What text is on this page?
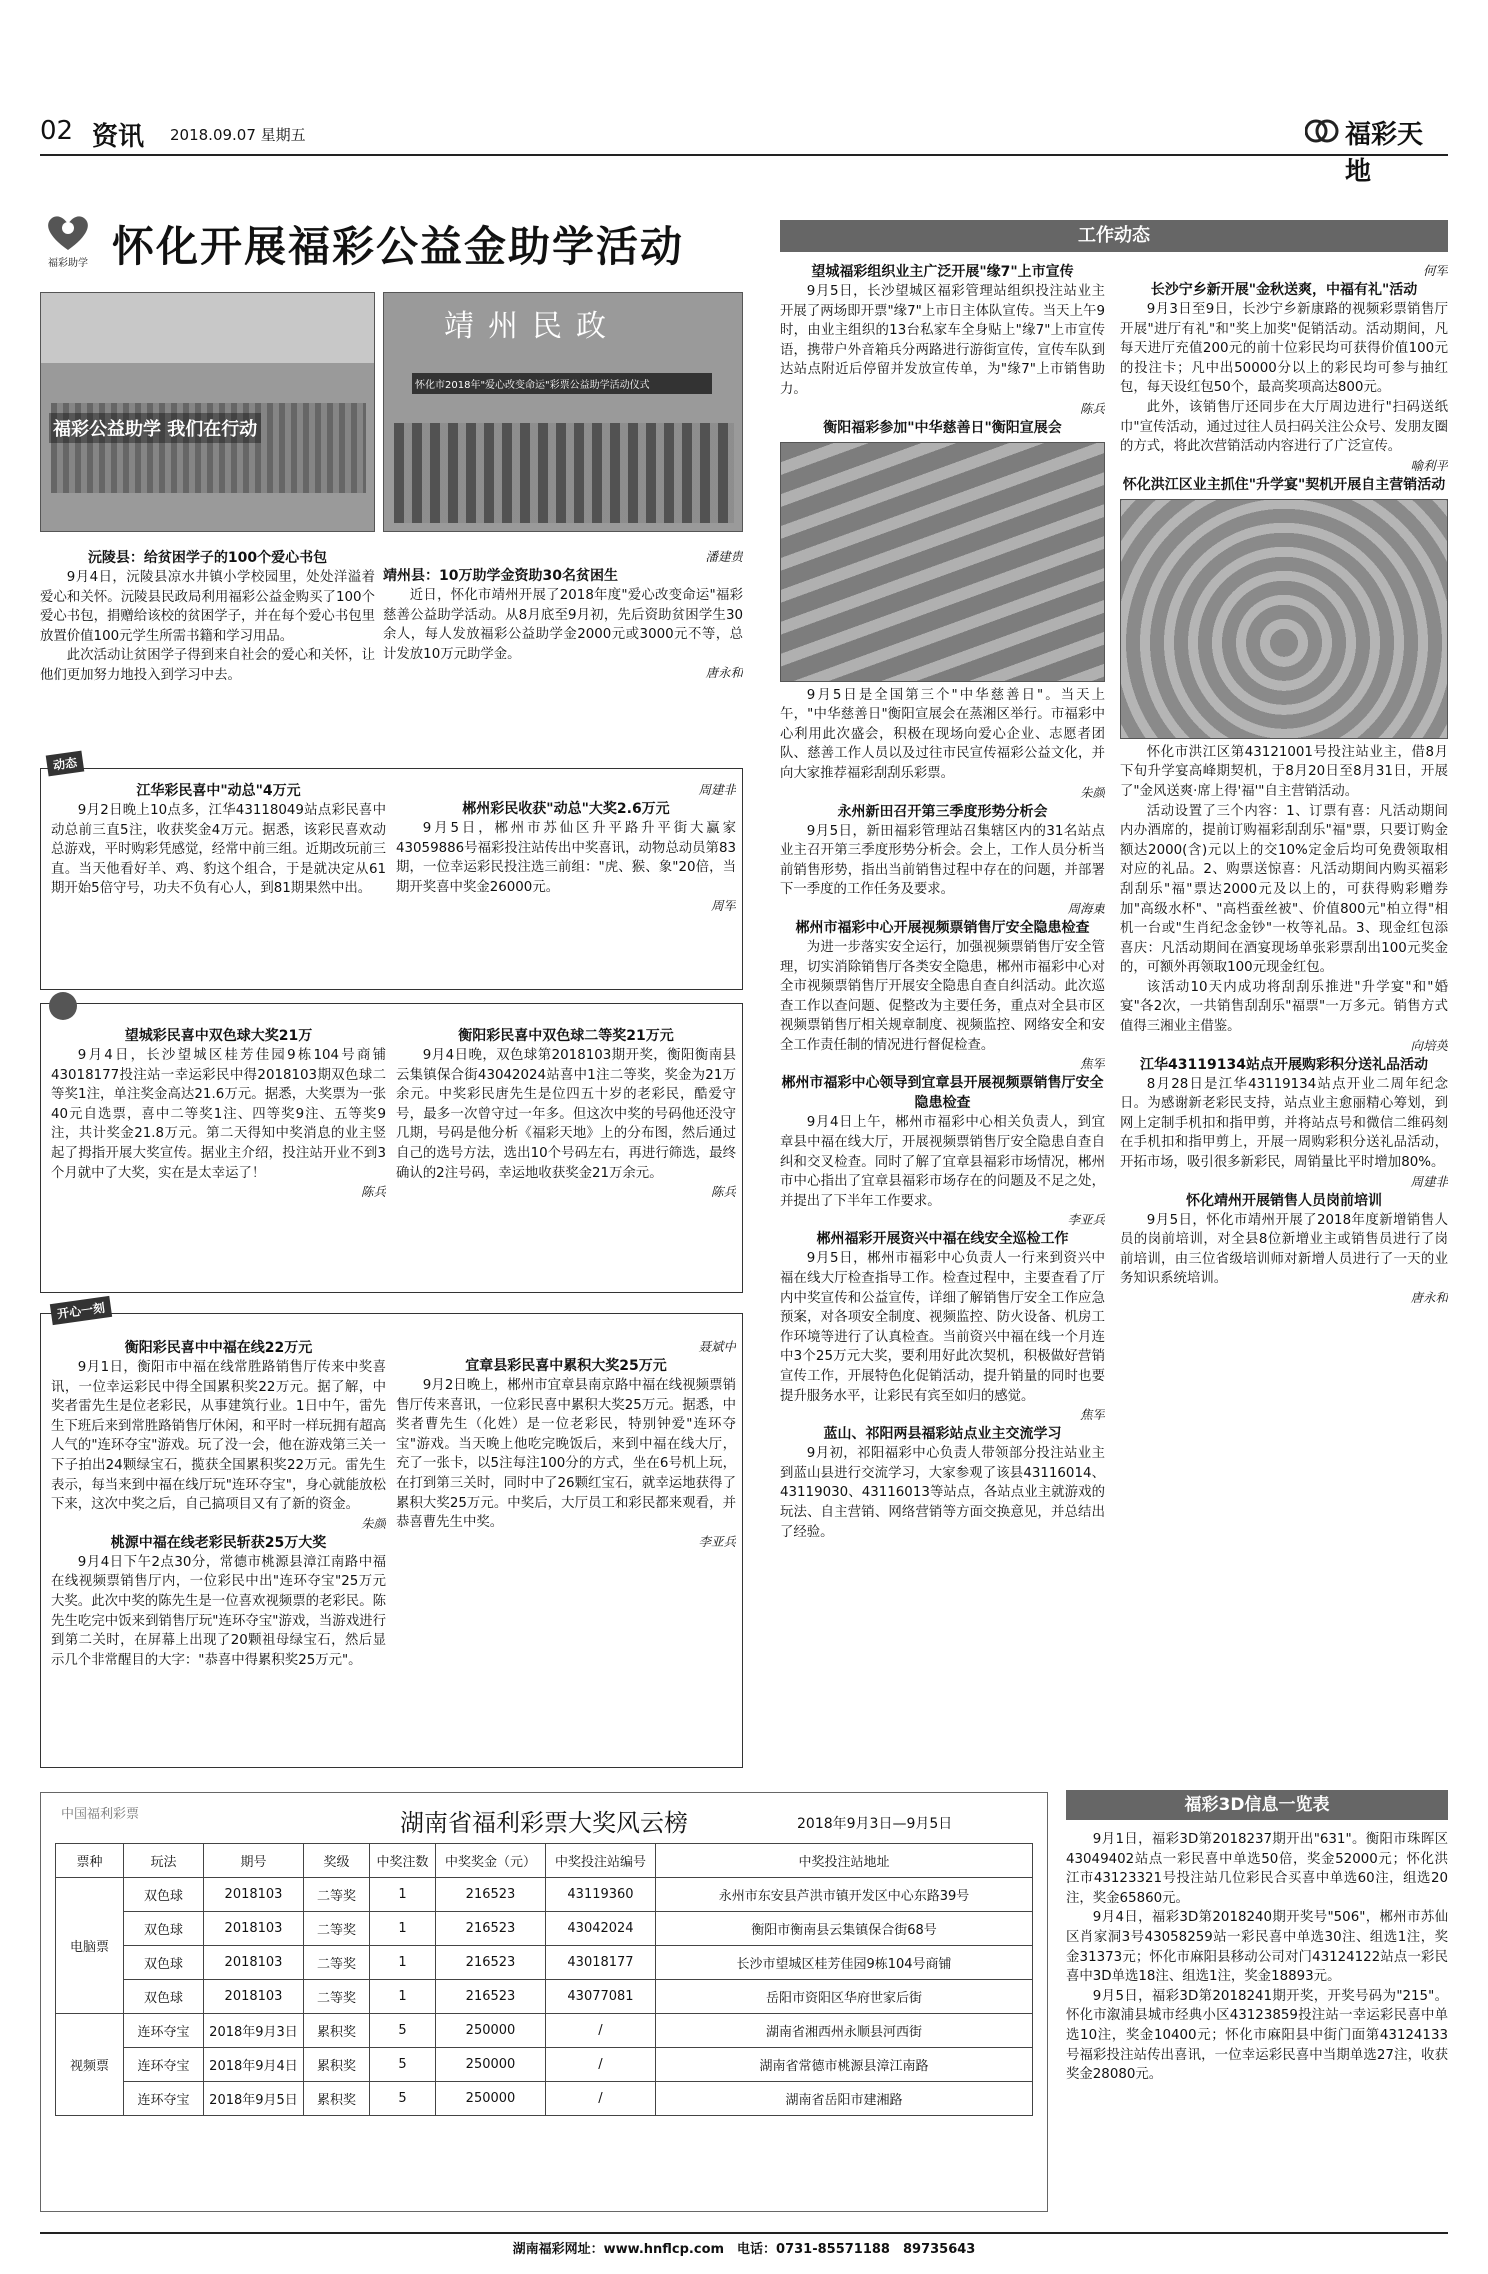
02 资讯 2018.09.07 星期五	福彩天地
福彩助学 怀化开展福彩公益金助学活动
福彩公益助学 我们在行动
靖州民政
怀化市2018年"爱心改变命运"彩票公益助学活动仪式
沅陵县：给贫困学子的100个爱心书包

9月4日，沅陵县凉水井镇小学校园里，处处洋溢着爱心和关怀。沅陵县民政局利用福彩公益金购买了100个爱心书包，捐赠给该校的贫困学子，并在每个爱心书包里放置价值100元学生所需书籍和学习用品。

此次活动让贫困学子得到来自社会的爱心和关怀，让他们更加努力地投入到学习中去。

潘建贵
靖州县：10万助学金资助30名贫困生

近日，怀化市靖州开展了2018年度"爱心改变命运"福彩慈善公益助学活动。从8月底至9月初，先后资助贫困学生30余人，每人发放福彩公益助学金2000元或3000元不等，总计发放10万元助学金。

唐永和
动态
江华彩民喜中"动总"4万元

9月2日晚上10点多，江华43118049站点彩民喜中动总前三直5注，收获奖金4万元。据悉，该彩民喜欢动总游戏，平时购彩凭感觉，经常中前三组。近期改玩前三直。当天他看好羊、鸡、豹这个组合，于是就决定从61期开始5倍守号，功夫不负有心人，到81期果然中出。

周建非
郴州彩民收获"动总"大奖2.6万元

9月5日，郴州市苏仙区升平路升平街大赢家43059886号福彩投注站传出中奖喜讯，动物总动员第83期，一位幸运彩民投注选三前组："虎、猴、象"20倍，当期开奖喜中奖金26000元。

周军
望城彩民喜中双色球大奖21万

9月4日，长沙望城区桂芳佳园9栋104号商铺43018177投注站一幸运彩民中得2018103期双色球二等奖1注，单注奖金高达21.6万元。据悉，大奖票为一张40元自选票，喜中二等奖1注、四等奖9注、五等奖9注，共计奖金21.8万元。第二天得知中奖消息的业主竖起了拇指开展大奖宣传。据业主介绍，投注站开业不到3个月就中了大奖，实在是太幸运了！

陈兵
衡阳彩民喜中双色球二等奖21万元

9月4日晚，双色球第2018103期开奖，衡阳衡南县云集镇保合街43042024站喜中1注二等奖，奖金为21万余元。中奖彩民唐先生是位四五十岁的老彩民，酷爱守号，最多一次曾守过一年多。但这次中奖的号码他还没守几期，号码是他分析《福彩天地》上的分布图，然后通过自己的选号方法，选出10个号码左右，再进行筛选，最终确认的2注号码，幸运地收获奖金21万余元。

陈兵
开心一刻
衡阳彩民喜中中福在线22万元

9月1日，衡阳市中福在线常胜路销售厅传来中奖喜讯，一位幸运彩民中得全国累积奖22万元。据了解，中奖者雷先生是位老彩民，从事建筑行业。1日中午，雷先生下班后来到常胜路销售厅休闲，和平时一样玩拥有超高人气的"连环夺宝"游戏。玩了没一会，他在游戏第三关一下子拍出24颗绿宝石，揽获全国累积奖22万元。雷先生表示，每当来到中福在线厅玩"连环夺宝"，身心就能放松下来，这次中奖之后，自己搞项目又有了新的资金。

朱颜
桃源中福在线老彩民斩获25万大奖

9月4日下午2点30分，常德市桃源县漳江南路中福在线视频票销售厅内，一位彩民中出"连环夺宝"25万元大奖。此次中奖的陈先生是一位喜欢视频票的老彩民。陈先生吃完中饭来到销售厅玩"连环夺宝"游戏，当游戏进行到第二关时，在屏幕上出现了20颗祖母绿宝石，然后显示几个非常醒目的大字："恭喜中得累积奖25万元"。

聂斌中
宜章县彩民喜中累积大奖25万元

9月2日晚上，郴州市宜章县南京路中福在线视频票销售厅传来喜讯，一位彩民喜中累积大奖25万元。据悉，中奖者曹先生（化姓）是一位老彩民，特别钟爱"连环夺宝"游戏。当天晚上他吃完晚饭后，来到中福在线大厅，充了一张卡，以5注每注100分的方式，坐在6号机上玩，在打到第三关时，同时中了26颗红宝石，就幸运地获得了累积大奖25万元。中奖后，大厅员工和彩民都来观看，并恭喜曹先生中奖。

李亚兵
工作动态
望城福彩组织业主广泛开展"缘7"上市宣传

9月5日，长沙望城区福彩管理站组织投注站业主开展了两场即开票"缘7"上市日主体队宣传。当天上午9时，由业主组织的13台私家车全身贴上"缘7"上市宣传语，携带户外音箱兵分两路进行游街宣传，宣传车队到达站点附近后停留并发放宣传单，为"缘7"上市销售助力。

陈兵
衡阳福彩参加"中华慈善日"衡阳宣展会

9月5日是全国第三个"中华慈善日"。当天上午，"中华慈善日"衡阳宣展会在蒸湘区举行。市福彩中心利用此次盛会，积极在现场向爱心企业、志愿者团队、慈善工作人员以及过往市民宣传福彩公益文化，并向大家推荐福彩刮刮乐彩票。

朱颜
永州新田召开第三季度形势分析会

9月5日，新田福彩管理站召集辖区内的31名站点业主召开第三季度形势分析会。会上，工作人员分析当前销售形势，指出当前销售过程中存在的问题，并部署下一季度的工作任务及要求。

周海東
郴州市福彩中心开展视频票销售厅安全隐患检查

为进一步落实安全运行，加强视频票销售厅安全管理，切实消除销售厅各类安全隐患，郴州市福彩中心对全市视频票销售厅开展安全隐患自查自纠活动。此次巡查工作以查问题、促整改为主要任务，重点对全县市区视频票销售厅相关规章制度、视频监控、网络安全和安全工作责任制的情况进行督促检查。

焦军
郴州市福彩中心领导到宜章县开展视频票销售厅安全隐患检查

9月4日上午，郴州市福彩中心相关负责人，到宜章县中福在线大厅，开展视频票销售厅安全隐患自查自纠和交叉检查。同时了解了宜章县福彩市场情况，郴州市中心指出了宜章县福彩市场存在的问题及不足之处，并提出了下半年工作要求。

李亚兵
郴州福彩开展资兴中福在线安全巡检工作

9月5日，郴州市福彩中心负责人一行来到资兴中福在线大厅检查指导工作。检查过程中，主要查看了厅内中奖宣传和公益宣传，详细了解销售厅安全工作应急预案，对各项安全制度、视频监控、防火设备、机房工作环境等进行了认真检查。当前资兴中福在线一个月连中3个25万元大奖，要利用好此次契机，积极做好营销宣传工作，开展特色化促销活动，提升销量的同时也要提升服务水平，让彩民有宾至如归的感觉。

焦军
蓝山、祁阳两县福彩站点业主交流学习

9月初，祁阳福彩中心负责人带领部分投注站业主到蓝山县进行交流学习，大家参观了该县43116014、43119030、43116013等站点，各站点业主就游戏的玩法、自主营销、网络营销等方面交换意见，并总结出了经验。

何军
长沙宁乡新开展"金秋送爽，中福有礼"活动

9月3日至9日，长沙宁乡新康路的视频彩票销售厅开展"进厅有礼"和"奖上加奖"促销活动。活动期间，凡每天进厅充值200元的前十位彩民均可获得价值100元的投注卡；凡中出50000分以上的彩民均可参与抽红包，每天设红包50个，最高奖项高达800元。

此外，该销售厅还同步在大厅周边进行"扫码送纸巾"宣传活动，通过过往人员扫码关注公众号、发朋友圈的方式，将此次营销活动内容进行了广泛宣传。

喻利平
怀化洪江区业主抓住"升学宴"契机开展自主营销活动

怀化市洪江区第43121001号投注站业主，借8月下旬升学宴高峰期契机，于8月20日至8月31日，开展了"金风送爽·席上得'福'"自主营销活动。

活动设置了三个内容：1、订票有喜：凡活动期间内办酒席的，提前订购福彩刮刮乐"福"票，只要订购金额达2000(含)元以上的交10%定金后均可免费领取相对应的礼品。2、购票送惊喜：凡活动期间内购买福彩刮刮乐"福"票达2000元及以上的，可获得购彩赠券加"高级水杯"、"高档蚕丝被"、价值800元"柏立得"相机一台或"生肖纪念金钞"一枚等礼品。3、现金红包添喜庆：凡活动期间在酒宴现场单张彩票刮出100元奖金的，可额外再领取100元现金红包。

该活动10天内成功将刮刮乐推进"升学宴"和"婚宴"各2次，一共销售刮刮乐"福票"一万多元。销售方式值得三湘业主借鉴。

向培英
江华43119134站点开展购彩积分送礼品活动

8月28日是江华43119134站点开业二周年纪念日。为感谢新老彩民支持，站点业主愈丽精心筹划，到网上定制手机扣和指甲剪，并将站点号和微信二维码刻在手机扣和指甲剪上，开展一周购彩积分送礼品活动，开拓市场，吸引很多新彩民，周销量比平时增加80%。

周建非
怀化靖州开展销售人员岗前培训

9月5日，怀化市靖州开展了2018年度新增销售人员的岗前培训，对全县8位新增业主或销售员进行了岗前培训，由三位省级培训师对新增人员进行了一天的业务知识系统培训。

唐永和
福彩3D信息一览表

9月1日，福彩3D第2018237期开出"631"。衡阳市珠晖区43049402站点一彩民喜中单选50倍，奖金52000元；怀化洪江市43123321号投注站几位彩民合买喜中单选60注，组选20注，奖金65860元。

9月4日，福彩3D第2018240期开奖号"506"，郴州市苏仙区肖家洞3号43058259站一彩民喜中单选30注、组选1注，奖金31373元；怀化市麻阳县移动公司对门43124122站点一彩民喜中3D单选18注、组选1注，奖金18893元。

9月5日，福彩3D第2018241期开奖，开奖号码为"215"。怀化市溆浦县城市经典小区43123859投注站一幸运彩民喜中单选10注，奖金10400元；怀化市麻阳县中街门面第43124133号福彩投注站传出喜讯，一位幸运彩民喜中当期单选27注，收获奖金28080元。

中国福利彩票	湖南省福利彩票大奖风云榜	2018年9月3日—9月5日
票种	玩法	期号	奖级	中奖注数	中奖奖金（元）	中奖投注站编号	中奖投注站地址
电脑票	双色球	2018103	二等奖	1	216523	43119360	永州市东安县芦洪市镇开发区中心东路39号
	双色球	2018103	二等奖	1	216523	43042024	衡阳市衡南县云集镇保合街68号
	双色球	2018103	二等奖	1	216523	43018177	长沙市望城区桂芳佳园9栋104号商铺
	双色球	2018103	二等奖	1	216523	43077081	岳阳市资阳区华府世家后街
视频票	连环夺宝	2018年9月3日	累积奖	5	250000	/	湖南省湘西州永顺县河西街
	连环夺宝	2018年9月4日	累积奖	5	250000	/	湖南省常德市桃源县漳江南路
	连环夺宝	2018年9月5日	累积奖	5	250000	/	湖南省岳阳市建湘路
湖南福彩网址：www.hnflcp.com　电话：0731-85571188　89735643
